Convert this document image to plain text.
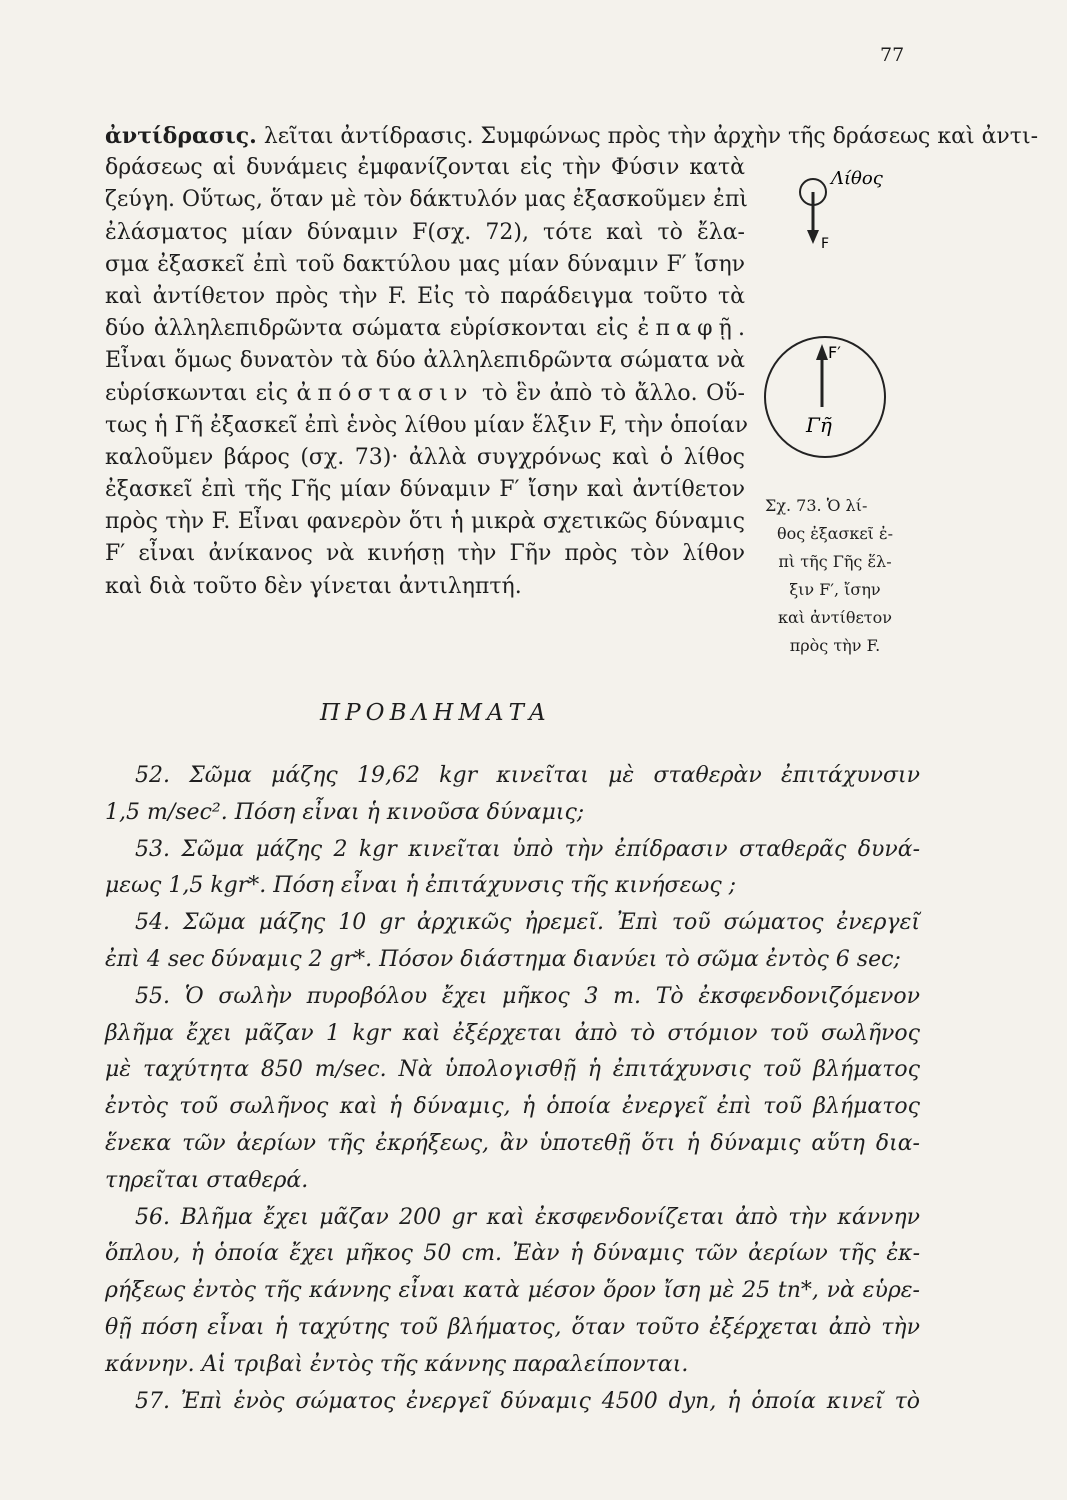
77
ἀντίδρασις. λεῖται ἀντίδρασις. Συμφώνως πρὸς τὴν ἀρχὴν τῆς δράσεως καὶ ἀντι-
δράσεως αἱ δυνάμεις ἐμφανίζονται εἰς τὴν Φύσιν κατὰ
ζεύγη. Οὕτως, ὅταν μὲ τὸν δάκτυλόν μας ἐξασκοῦμεν ἐπὶ
ἐλάσματος μίαν δύναμιν F(σχ. 72), τότε καὶ τὸ ἔλα-
σμα ἐξασκεῖ ἐπὶ τοῦ δακτύλου μας μίαν δύναμιν F′ ἴσην
καὶ ἀντίθετον πρὸς τὴν F. Εἰς τὸ παράδειγμα τοῦτο τὰ
δύο ἀλληλεπιδρῶντα σώματα εὑρίσκονται εἰς ἐπαφῇ.
Εἶναι ὅμως δυνατὸν τὰ δύο ἀλληλεπιδρῶντα σώματα νὰ
εὑρίσκωνται εἰς ἀπόστασιν τὸ ἓν ἀπὸ τὸ ἄλλο. Οὕ-
τως ἡ Γῆ ἐξασκεῖ ἐπὶ ἑνὸς λίθου μίαν ἕλξιν F, τὴν ὁποίαν
καλοῦμεν βάρος (σχ. 73)· ἀλλὰ συγχρόνως καὶ ὁ λίθος
ἐξασκεῖ ἐπὶ τῆς Γῆς μίαν δύναμιν F′ ἴσην καὶ ἀντίθετον
πρὸς τὴν F. Εἶναι φανερὸν ὅτι ἡ μικρὰ σχετικῶς δύναμις
F′ εἶναι ἀνίκανος νὰ κινήσῃ τὴν Γῆν πρὸς τὸν λίθον
καὶ διὰ τοῦτο δὲν γίνεται ἀντιληπτή.
Λίθος
F
F′
Γῆ
Σχ. 73. Ὁ λί-
θος ἐξασκεῖ ἐ-
πὶ τῆς Γῆς ἕλ-
ξιν F′, ἴσην
καὶ ἀντίθετον
πρὸς τὴν F.
ΠΡΟΒΛΗΜΑΤΑ
52. Σῶμα μάζης 19,62 kgr κινεῖται μὲ σταθερὰν ἐπιτάχυνσιν
1,5 m/sec². Πόση εἶναι ἡ κινοῦσα δύναμις;
53. Σῶμα μάζης 2 kgr κινεῖται ὑπὸ τὴν ἐπίδρασιν σταθερᾶς δυνά-
μεως 1,5 kgr*. Πόση εἶναι ἡ ἐπιτάχυνσις τῆς κινήσεως ;
54. Σῶμα μάζης 10 gr ἀρχικῶς ἠρεμεῖ. Ἐπὶ τοῦ σώματος ἐνεργεῖ
ἐπὶ 4 sec δύναμις 2 gr*. Πόσον διάστημα διανύει τὸ σῶμα ἐντὸς 6 sec;
55. Ὁ σωλὴν πυροβόλου ἔχει μῆκος 3 m. Τὸ ἐκσφενδονιζόμενον
βλῆμα ἔχει μᾶζαν 1 kgr καὶ ἐξέρχεται ἀπὸ τὸ στόμιον τοῦ σωλῆνος
μὲ ταχύτητα 850 m/sec. Νὰ ὑπολογισθῇ ἡ ἐπιτάχυνσις τοῦ βλήματος
ἐντὸς τοῦ σωλῆνος καὶ ἡ δύναμις, ἡ ὁποία ἐνεργεῖ ἐπὶ τοῦ βλήματος
ἕνεκα τῶν ἀερίων τῆς ἐκρήξεως, ἂν ὑποτεθῇ ὅτι ἡ δύναμις αὕτη δια-
τηρεῖται σταθερά.
56. Βλῆμα ἔχει μᾶζαν 200 gr καὶ ἐκσφενδονίζεται ἀπὸ τὴν κάννην
ὅπλου, ἡ ὁποία ἔχει μῆκος 50 cm. Ἐὰν ἡ δύναμις τῶν ἀερίων τῆς ἐκ-
ρήξεως ἐντὸς τῆς κάννης εἶναι κατὰ μέσον ὅρον ἴση μὲ 25 tn*, νὰ εὑρε-
θῇ πόση εἶναι ἡ ταχύτης τοῦ βλήματος, ὅταν τοῦτο ἐξέρχεται ἀπὸ τὴν
κάννην. Αἱ τριβαὶ ἐντὸς τῆς κάννης παραλείπονται.
57. Ἐπὶ ἑνὸς σώματος ἐνεργεῖ δύναμις 4500 dyn, ἡ ὁποία κινεῖ τὸ
